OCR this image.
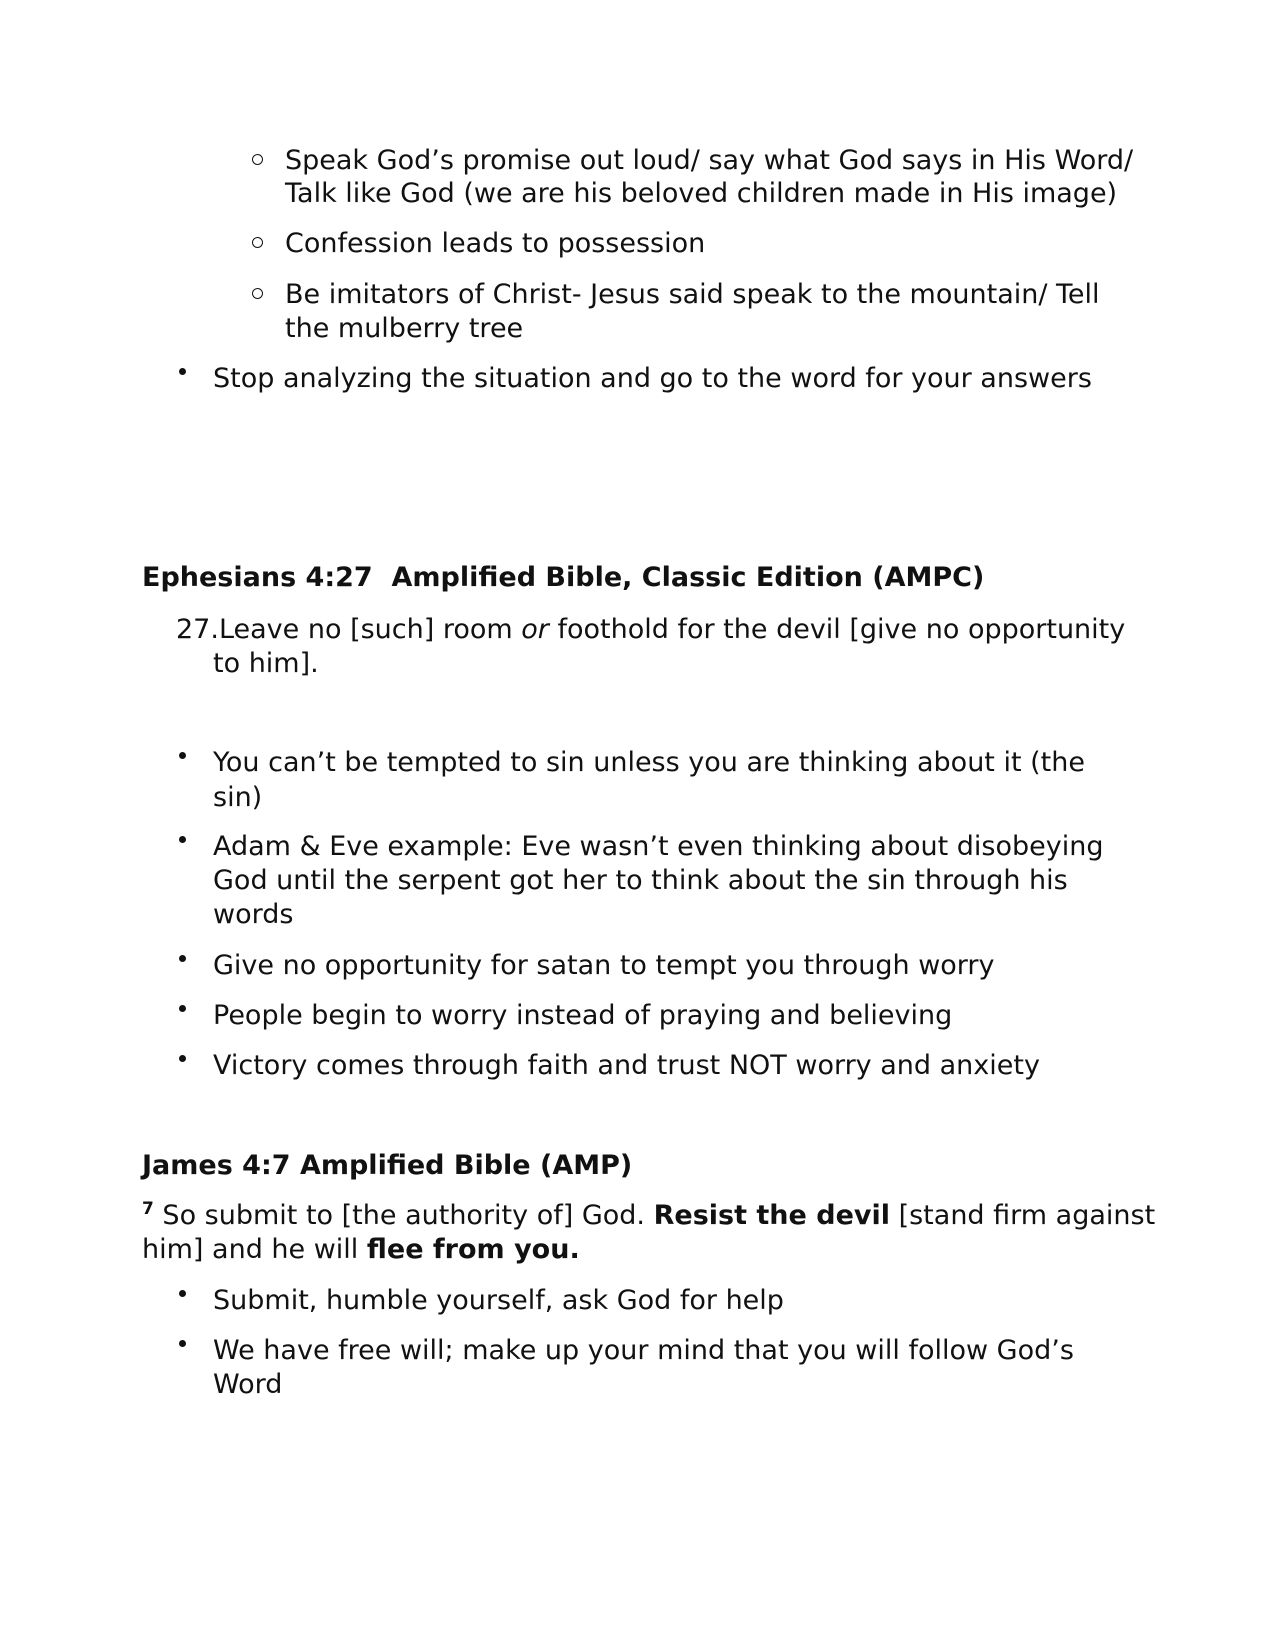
Speak God’s promise out loud/ say what God says in His Word/
Talk like God (we are his beloved children made in His image)
Confession leads to possession
Be imitators of Christ- Jesus said speak to the mountain/ Tell
the mulberry tree
Stop analyzing the situation and go to the word for your answers
Ephesians 4:27  Amplified Bible, Classic Edition (AMPC)
27.Leave no [such] room or foothold for the devil [give no opportunity
to him].
You can’t be tempted to sin unless you are thinking about it (the
sin)
Adam & Eve example: Eve wasn’t even thinking about disobeying
God until the serpent got her to think about the sin through his
words
Give no opportunity for satan to tempt you through worry
People begin to worry instead of praying and believing
Victory comes through faith and trust NOT worry and anxiety
James 4:7 Amplified Bible (AMP)
$^7$ So submit to [the authority of] God. Resist the devil [stand firm against
him] and he will flee from you.
Submit, humble yourself, ask God for help
We have free will; make up your mind that you will follow God’s
Word
